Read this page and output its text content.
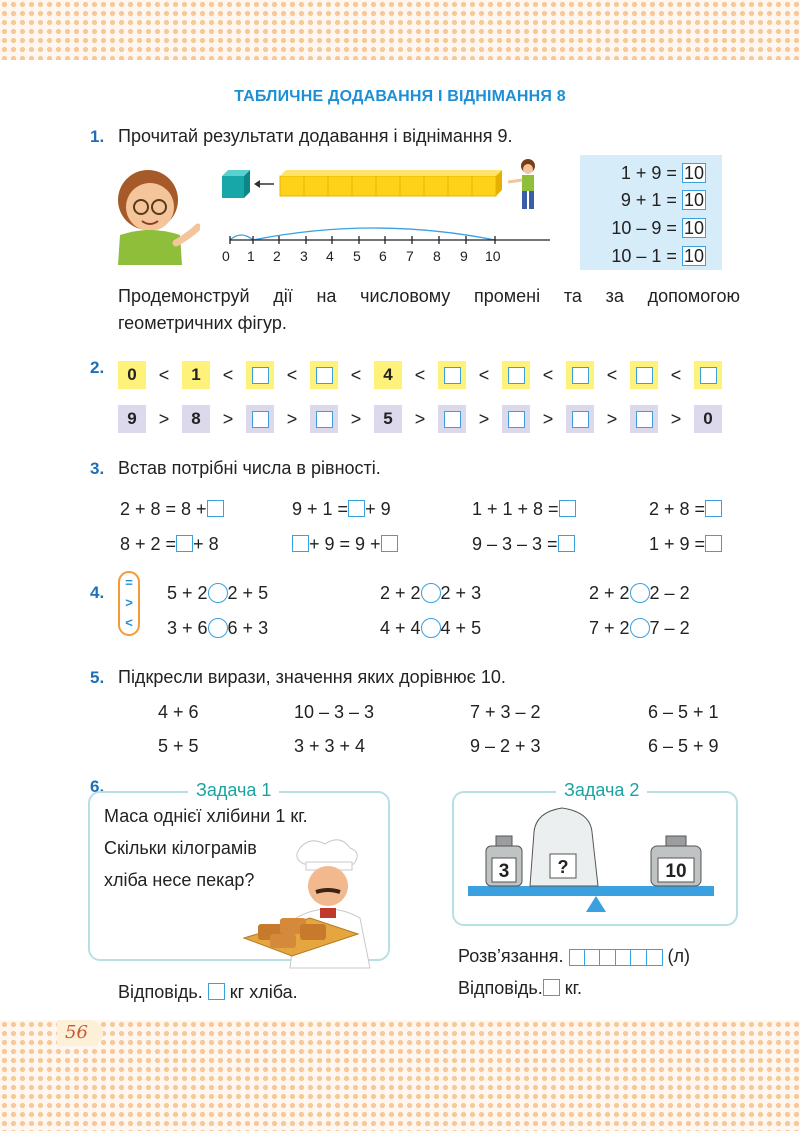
ТАБЛИЧНЕ ДОДАВАННЯ І ВІДНІМАННЯ 8
1. Прочитай результати додавання і віднімання 9.
0 1 2 3 4 5 6 7 8 9 10
1 + 9 = 10
9 + 1 = 10
10 – 9 = 10
10 – 1 = 10
Продемонструй дії на числовому промені та за допомогою
геометричних фігур.
2.	0	<	1	<	<	<	4	<	<	<	<	<
9	>	8	>	>	>	5	>	>	>	>	>	0
3. Встав потрібні числа в рівності.
2 + 8 = 8 +	9 + 1 = + 9	1 + 1 + 8 =	2 + 8 =
8 + 2 = + 8	+ 9 = 9 +	9 – 3 – 3 =	1 + 9 =
4.
=
>
<
5 + 2 2 + 5	2 + 2 2 + 3	2 + 2 2 – 2
3 + 6 6 + 3	4 + 4 4 + 5	7 + 2 7 – 2
5. Підкресли вирази, значення яких дорівнює 10.
4 + 6	10 – 3 – 3	7 + 3 – 2	6 – 5 + 1
5 + 5	3 + 3 + 4	9 – 2 + 3	6 – 5 + 9
6.	Задача 1
Маса однієї хлібини 1 кг.
Скільки кілограмів
хліба несе пекар?
Відповідь. кг хліба.
Задача 2
3	?	10
Розв’язання.	(л)
Відповідь. кг.
56
